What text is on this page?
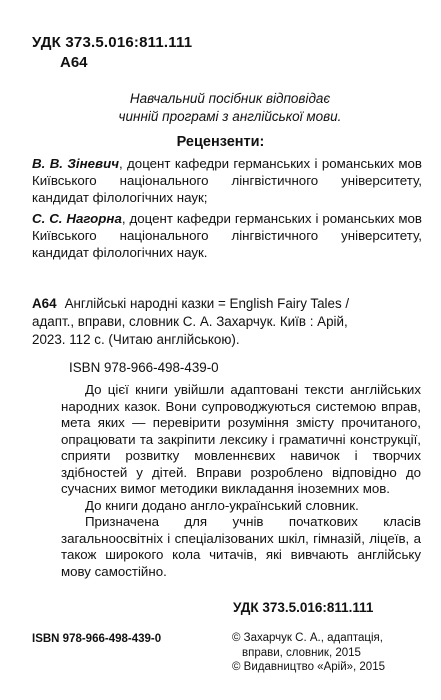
УДК 373.5.016:811.111
А64
Навчальний посібник відповідає
чинній програмі з англійської мови.
Рецензенти:
В. В. Зіневич, доцент кафедри германських і романських мов Київського національного лінгвістичного університету, кандидат філологічних наук;
С. С. Нагорна, доцент кафедри германських і романських мов Київського національного лінгвістичного університету, кандидат філологічних наук.
А64 Англійські народні казки = English Fairy Tales /
адапт., вправи, словник С. А. Захарчук. Київ : Арій,
2023. 112 с. (Читаю англійською).
ISBN 978-966-498-439-0

До цієї книги увійшли адаптовані тексти англійських народних казок. Вони супроводжуються системою вправ, мета яких — перевірити розуміння змісту прочитаного, опрацювати та закріпити лексику і граматичні конструкції, сприяти розвитку мовленнєвих навичок і творчих здібностей у дітей. Вправи розроблено відповідно до сучасних вимог методики викладання іноземних мов.

До книги додано англо-український словник.

Призначена для учнів початкових класів загальноосвітніх і спеціалізованих шкіл, гімназій, ліцеїв, а також широкого кола читачів, які вивчають англійську мову самостійно.

УДК 373.5.016:811.111
ISBN 978-966-498-439-0	© Захарчук С. А., адаптація,
вправи, словник, 2015
© Видавництво «Арій», 2015
